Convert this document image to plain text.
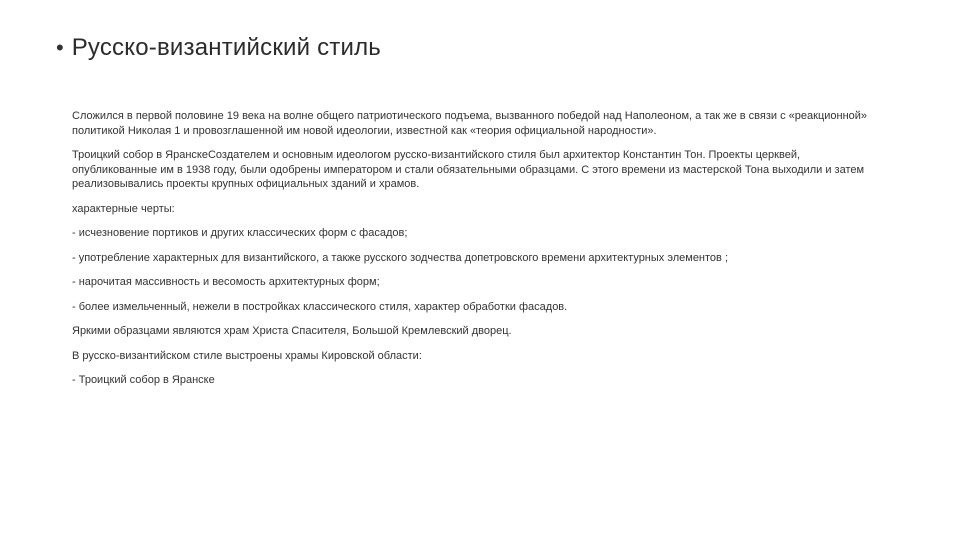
• Русско-византийский стиль

Сложился в первой половине 19 века на волне общего патриотического подъема, вызванного победой над Наполеоном, а так же в связи с «реакционной» политикой Николая 1 и провозглашенной им новой идеологии, известной как «теория официальной народности».

Троицкий собор в ЯранскеСоздателем и основным идеологом русско-византийского стиля был архитектор Константин Тон. Проекты церквей, опубликованные им в 1938 году, были одобрены императором и стали обязательными образцами. С этого времени из мастерской Тона выходили и затем реализовывались проекты крупных официальных зданий и храмов.

характерные черты:

- исчезновение портиков и других классических форм с фасадов;

- употребление характерных для византийского, а также русского зодчества допетровского времени архитектурных элементов ;

- нарочитая массивность и весомость архитектурных форм;

- более измельченный, нежели в постройках классического стиля, характер обработки фасадов.

Яркими образцами являются храм Христа Спасителя, Большой Кремлевский дворец.

В русско-византийском стиле выстроены храмы Кировской области:

- Троицкий собор в Яранске
